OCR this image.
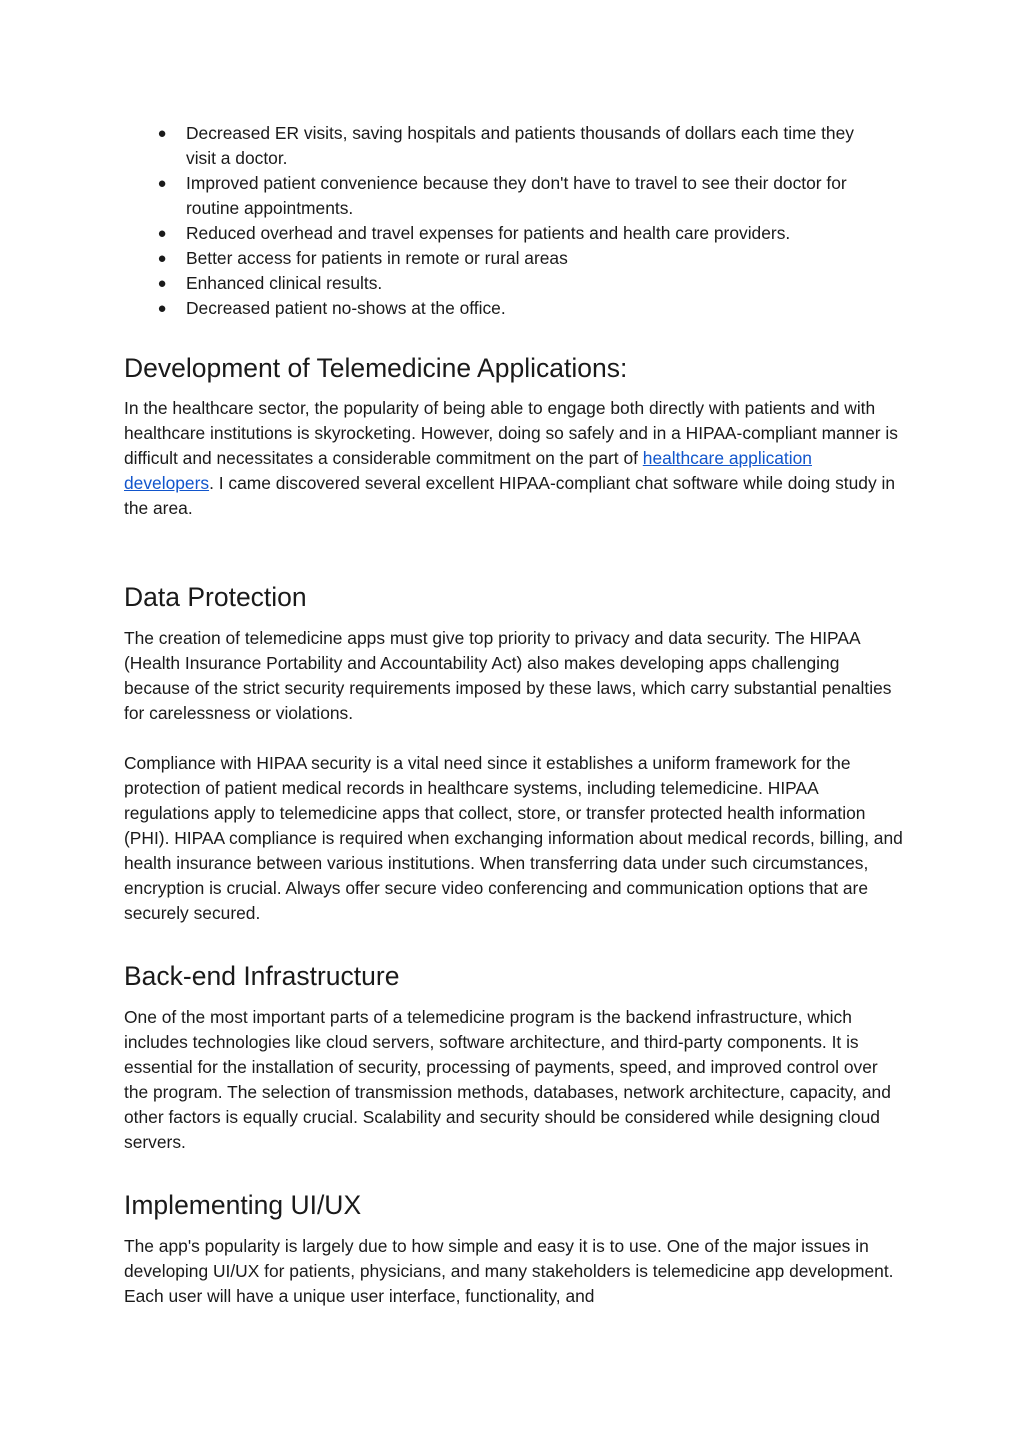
● Decreased ER visits, saving hospitals and patients thousands of dollars each time they visit a doctor.
● Improved patient convenience because they don't have to travel to see their doctor for routine appointments.
● Reduced overhead and travel expenses for patients and health care providers.
● Better access for patients in remote or rural areas
● Enhanced clinical results.
● Decreased patient no-shows at the office.
Development of Telemedicine Applications:

In the healthcare sector, the popularity of being able to engage both directly with patients and with healthcare institutions is skyrocketing. However, doing so safely and in a HIPAA-compliant manner is difficult and necessitates a considerable commitment on the part of healthcare application developers. I came discovered several excellent HIPAA-compliant chat software while doing study in the area.

Data Protection

The creation of telemedicine apps must give top priority to privacy and data security. The HIPAA (Health Insurance Portability and Accountability Act) also makes developing apps challenging because of the strict security requirements imposed by these laws, which carry substantial penalties for carelessness or violations.

Compliance with HIPAA security is a vital need since it establishes a uniform framework for the protection of patient medical records in healthcare systems, including telemedicine. HIPAA regulations apply to telemedicine apps that collect, store, or transfer protected health information (PHI). HIPAA compliance is required when exchanging information about medical records, billing, and health insurance between various institutions. When transferring data under such circumstances, encryption is crucial. Always offer secure video conferencing and communication options that are securely secured.

Back-end Infrastructure

One of the most important parts of a telemedicine program is the backend infrastructure, which includes technologies like cloud servers, software architecture, and third-party components. It is essential for the installation of security, processing of payments, speed, and improved control over the program. The selection of transmission methods, databases, network architecture, capacity, and other factors is equally crucial. Scalability and security should be considered while designing cloud servers.

Implementing UI/UX

The app's popularity is largely due to how simple and easy it is to use. One of the major issues in developing UI/UX for patients, physicians, and many stakeholders is telemedicine app development. Each user will have a unique user interface, functionality, and
